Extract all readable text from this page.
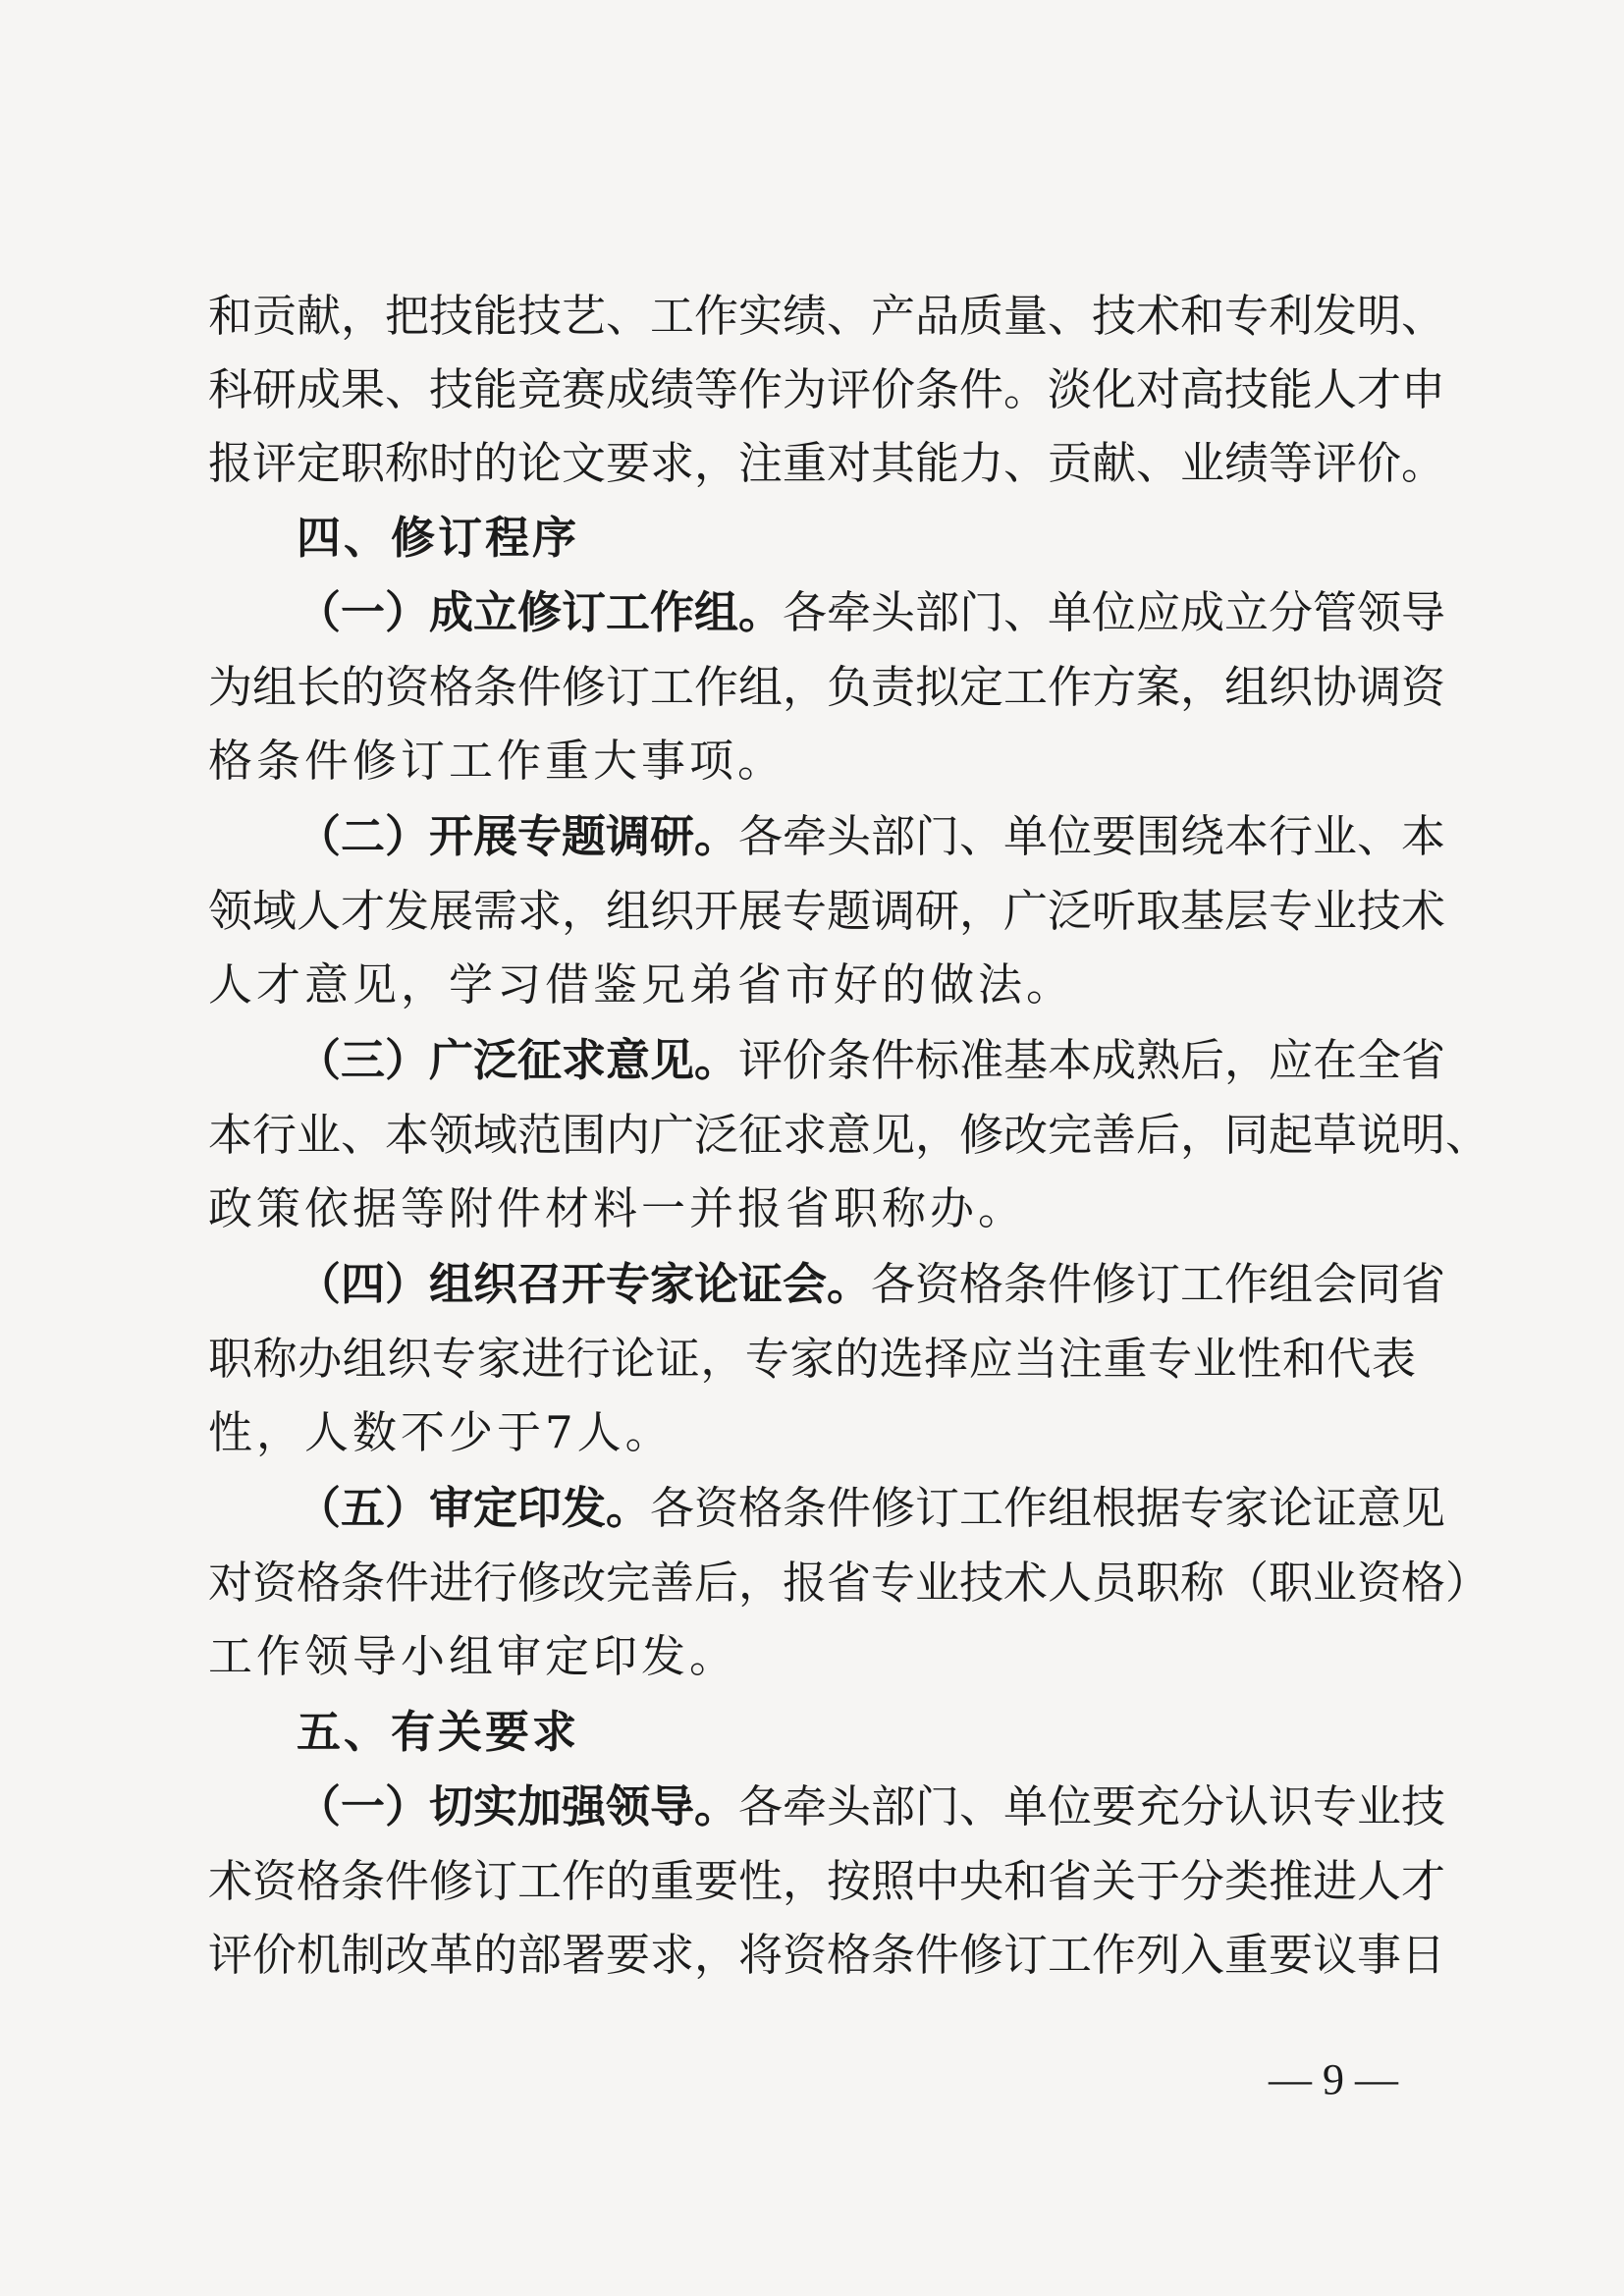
和贡献，把技能技艺、工作实绩、产品质量、技术和专利发明、
科研成果、技能竞赛成绩等作为评价条件。淡化对高技能人才申
报评定职称时的论文要求，注重对其能力、贡献、业绩等评价。
四、修订程序
（一）成立修订工作组。各牵头部门、单位应成立分管领导
为组长的资格条件修订工作组，负责拟定工作方案，组织协调资
格条件修订工作重大事项。
（二）开展专题调研。各牵头部门、单位要围绕本行业、本
领域人才发展需求，组织开展专题调研，广泛听取基层专业技术
人才意见，学习借鉴兄弟省市好的做法。
（三）广泛征求意见。评价条件标准基本成熟后，应在全省
本行业、本领域范围内广泛征求意见，修改完善后，同起草说明、
政策依据等附件材料一并报省职称办。
（四）组织召开专家论证会。各资格条件修订工作组会同省
职称办组织专家进行论证，专家的选择应当注重专业性和代表
性，人数不少于7人。
（五）审定印发。各资格条件修订工作组根据专家论证意见
对资格条件进行修改完善后，报省专业技术人员职称（职业资格）
工作领导小组审定印发。
五、有关要求
（一）切实加强领导。各牵头部门、单位要充分认识专业技
术资格条件修订工作的重要性，按照中央和省关于分类推进人才
评价机制改革的部署要求，将资格条件修订工作列入重要议事日
— 9 —
